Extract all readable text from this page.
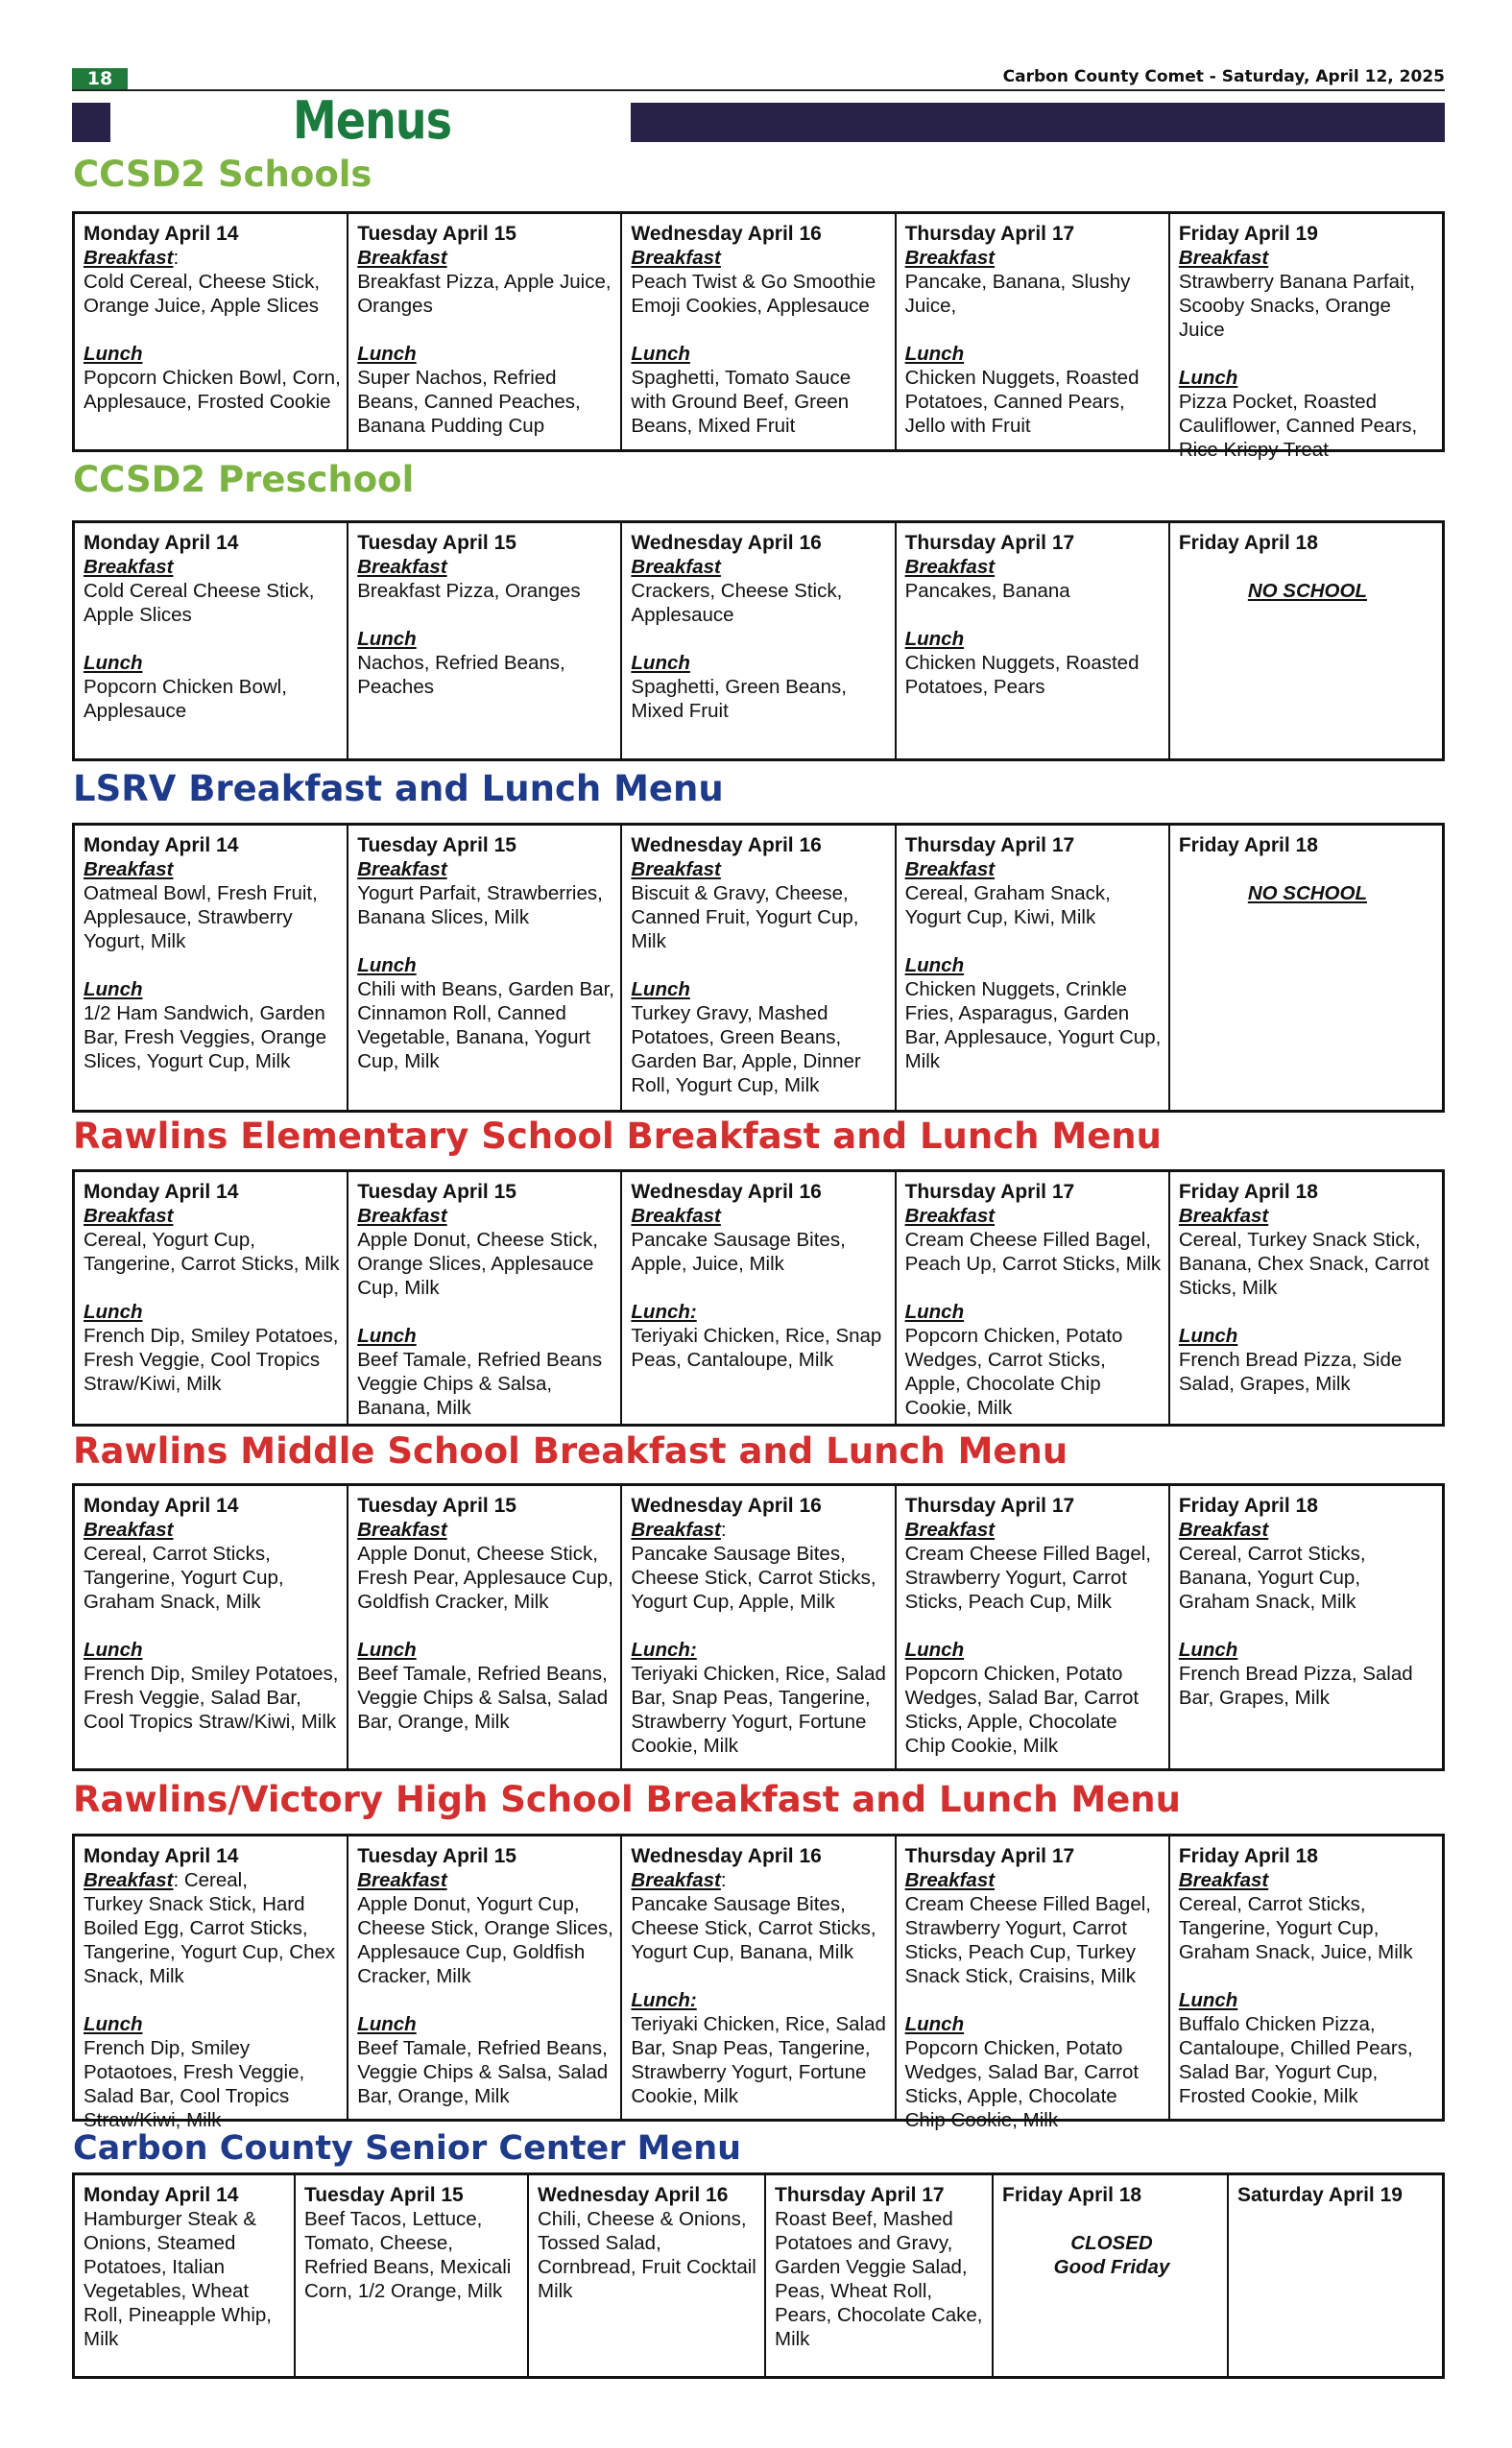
18	Carbon County Comet - Saturday, April 12, 2025
Menus
CCSD2 Schools
Monday April 14
Breakfast:
Cold Cereal, Cheese Stick, Orange Juice, Apple Slices
Lunch
Popcorn Chicken Bowl, Corn, Applesauce, Frosted Cookie
Tuesday April 15
Breakfast
Breakfast Pizza, Apple Juice, Oranges
Lunch
Super Nachos, Refried Beans, Canned Peaches, Banana Pudding Cup
Wednesday April 16
Breakfast
Peach Twist & Go Smoothie Emoji Cookies, Applesauce
Lunch
Spaghetti, Tomato Sauce with Ground Beef, Green Beans, Mixed Fruit
Thursday April 17
Breakfast
Pancake, Banana, Slushy Juice,
Lunch
Chicken Nuggets, Roasted Potatoes, Canned Pears, Jello with Fruit
Friday April 19
Breakfast
Strawberry Banana Parfait, Scooby Snacks, Orange Juice
Lunch
Pizza Pocket, Roasted Cauliflower, Canned Pears, Rice Krispy Treat
CCSD2 Preschool
Monday April 14
Breakfast
Cold Cereal Cheese Stick, Apple Slices
Lunch
Popcorn Chicken Bowl, Applesauce
Tuesday April 15
Breakfast
Breakfast Pizza, Oranges
Lunch
Nachos, Refried Beans, Peaches
Wednesday April 16
Breakfast
Crackers, Cheese Stick, Applesauce
Lunch
Spaghetti, Green Beans, Mixed Fruit
Thursday April 17
Breakfast
Pancakes, Banana
Lunch
Chicken Nuggets, Roasted Potatoes, Pears
Friday April 18

NO SCHOOL
LSRV Breakfast and Lunch Menu
Monday April 14
Breakfast
Oatmeal Bowl, Fresh Fruit, Applesauce, Strawberry Yogurt, Milk
Lunch
1/2 Ham Sandwich, Garden Bar, Fresh Veggies, Orange Slices, Yogurt Cup, Milk
Tuesday April 15
Breakfast
Yogurt Parfait, Strawberries, Banana Slices, Milk
Lunch
Chili with Beans, Garden Bar, Cinnamon Roll, Canned Vegetable, Banana, Yogurt Cup, Milk
Wednesday April 16
Breakfast
Biscuit & Gravy, Cheese, Canned Fruit, Yogurt Cup, Milk
Lunch
Turkey Gravy, Mashed Potatoes, Green Beans, Garden Bar, Apple, Dinner Roll, Yogurt Cup, Milk
Thursday April 17
Breakfast
Cereal, Graham Snack, Yogurt Cup, Kiwi, Milk
Lunch
Chicken Nuggets, Crinkle Fries, Asparagus, Garden Bar, Applesauce, Yogurt Cup, Milk
Friday April 18

NO SCHOOL
Rawlins Elementary School Breakfast and Lunch Menu
Monday April 14
Breakfast
Cereal, Yogurt Cup, Tangerine, Carrot Sticks, Milk
Lunch
French Dip, Smiley Potatoes, Fresh Veggie, Cool Tropics Straw/Kiwi, Milk
Tuesday April 15
Breakfast
Apple Donut, Cheese Stick, Orange Slices, Applesauce Cup, Milk
Lunch
Beef Tamale, Refried Beans Veggie Chips & Salsa, Banana, Milk
Wednesday April 16
Breakfast
Pancake Sausage Bites, Apple, Juice, Milk
Lunch:
Teriyaki Chicken, Rice, Snap Peas, Cantaloupe, Milk
Thursday April 17
Breakfast
Cream Cheese Filled Bagel, Peach Up, Carrot Sticks, Milk
Lunch
Popcorn Chicken, Potato Wedges, Carrot Sticks, Apple, Chocolate Chip Cookie, Milk
Friday April 18
Breakfast
Cereal, Turkey Snack Stick, Banana, Chex Snack, Carrot Sticks, Milk
Lunch
French Bread Pizza, Side Salad, Grapes, Milk
Rawlins Middle School Breakfast and Lunch Menu
Monday April 14
Breakfast
Cereal, Carrot Sticks, Tangerine, Yogurt Cup, Graham Snack, Milk
Lunch
French Dip, Smiley Potatoes, Fresh Veggie, Salad Bar, Cool Tropics Straw/Kiwi, Milk
Tuesday April 15
Breakfast
Apple Donut, Cheese Stick, Fresh Pear, Applesauce Cup, Goldfish Cracker, Milk
Lunch
Beef Tamale, Refried Beans, Veggie Chips & Salsa, Salad Bar, Orange, Milk
Wednesday April 16
Breakfast:
Pancake Sausage Bites, Cheese Stick, Carrot Sticks, Yogurt Cup, Apple, Milk
Lunch:
Teriyaki Chicken, Rice, Salad Bar, Snap Peas, Tangerine, Strawberry Yogurt, Fortune Cookie, Milk
Thursday April 17
Breakfast
Cream Cheese Filled Bagel, Strawberry Yogurt, Carrot Sticks, Peach Cup, Milk
Lunch
Popcorn Chicken, Potato Wedges, Salad Bar, Carrot Sticks, Apple, Chocolate Chip Cookie, Milk
Friday April 18
Breakfast
Cereal, Carrot Sticks, Banana, Yogurt Cup, Graham Snack, Milk
Lunch
French Bread Pizza, Salad Bar, Grapes, Milk
Rawlins/Victory High School Breakfast and Lunch Menu
Monday April 14
Breakfast: Cereal,
Turkey Snack Stick, Hard Boiled Egg, Carrot Sticks, Tangerine, Yogurt Cup, Chex Snack, Milk
Lunch
French Dip, Smiley Potaotoes, Fresh Veggie, Salad Bar, Cool Tropics Straw/Kiwi, Milk
Tuesday April 15
Breakfast
Apple Donut, Yogurt Cup, Cheese Stick, Orange Slices, Applesauce Cup, Goldfish Cracker, Milk
Lunch
Beef Tamale, Refried Beans, Veggie Chips & Salsa, Salad Bar, Orange, Milk
Wednesday April 16
Breakfast:
Pancake Sausage Bites, Cheese Stick, Carrot Sticks, Yogurt Cup, Banana, Milk
Lunch:
Teriyaki Chicken, Rice, Salad Bar, Snap Peas, Tangerine, Strawberry Yogurt, Fortune Cookie, Milk
Thursday April 17
Breakfast
Cream Cheese Filled Bagel, Strawberry Yogurt, Carrot Sticks, Peach Cup, Turkey Snack Stick, Craisins, Milk
Lunch
Popcorn Chicken, Potato Wedges, Salad Bar, Carrot Sticks, Apple, Chocolate Chip Cookie, Milk
Friday April 18
Breakfast
Cereal, Carrot Sticks, Tangerine, Yogurt Cup, Graham Snack, Juice, Milk
Lunch
Buffalo Chicken Pizza, Cantaloupe, Chilled Pears, Salad Bar, Yogurt Cup, Frosted Cookie, Milk
Carbon County Senior Center Menu
Monday April 14
Hamburger Steak & Onions, Steamed Potatoes, Italian Vegetables, Wheat Roll, Pineapple Whip, Milk
Tuesday April 15
Beef Tacos, Lettuce, Tomato, Cheese, Refried Beans, Mexicali Corn, 1/2 Orange, Milk
Wednesday April 16
Chili, Cheese & Onions, Tossed Salad, Cornbread, Fruit Cocktail Milk
Thursday April 17
Roast Beef, Mashed Potatoes and Gravy, Garden Veggie Salad, Peas, Wheat Roll, Pears, Chocolate Cake, Milk
Friday April 18
CLOSED
Good Friday
Saturday April 19
